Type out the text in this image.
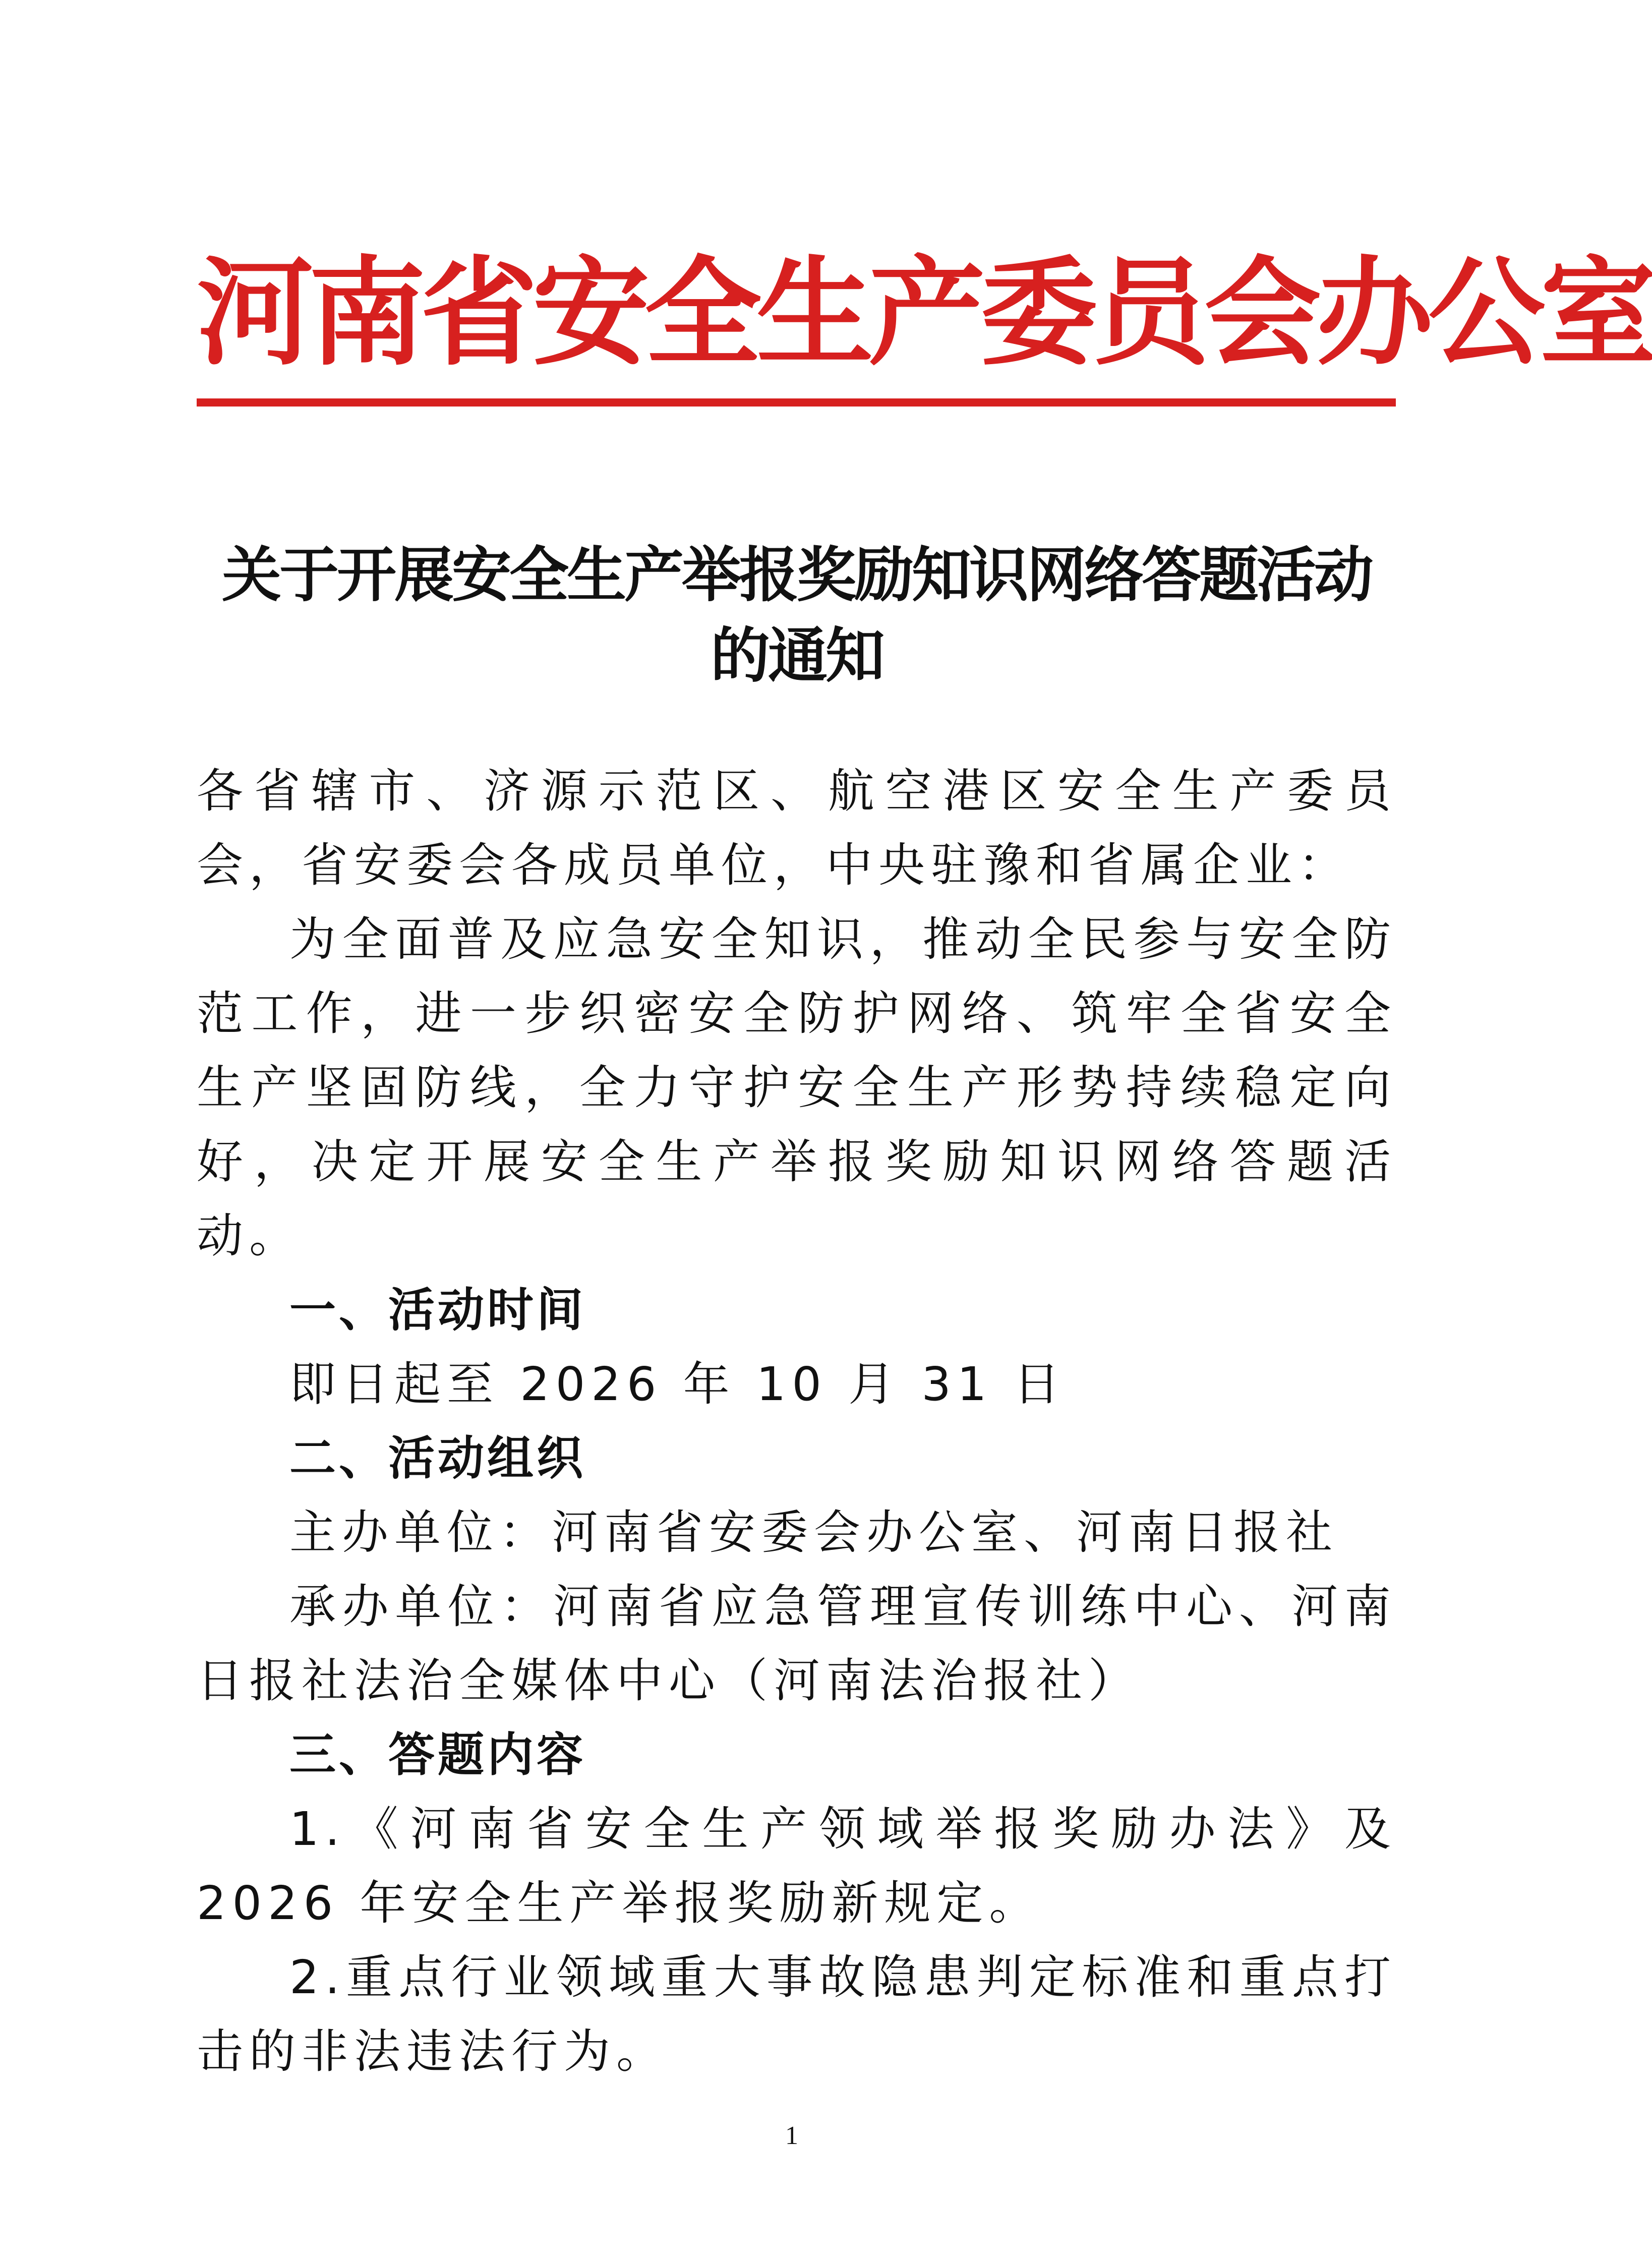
河南省安全生产委员会办公室
关于开展安全生产举报奖励知识网络答题活动
的通知

各省辖市、济源示范区、航空港区安全生产委员会，省安委会各成员单位，中央驻豫和省属企业：

为全面普及应急安全知识，推动全民参与安全防范工作，进一步织密安全防护网络、筑牢全省安全生产坚固防线，全力守护安全生产形势持续稳定向好，决定开展安全生产举报奖励知识网络答题活动。

一、活动时间

即日起至 2026 年 10 月 31 日

二、活动组织

主办单位：河南省安委会办公室、河南日报社

承办单位：河南省应急管理宣传训练中心、河南日报社法治全媒体中心（河南法治报社）

三、答题内容

1.《河南省安全生产领域举报奖励办法》及 2026 年安全生产举报奖励新规定。

2.重点行业领域重大事故隐患判定标准和重点打击的非法违法行为。

1
